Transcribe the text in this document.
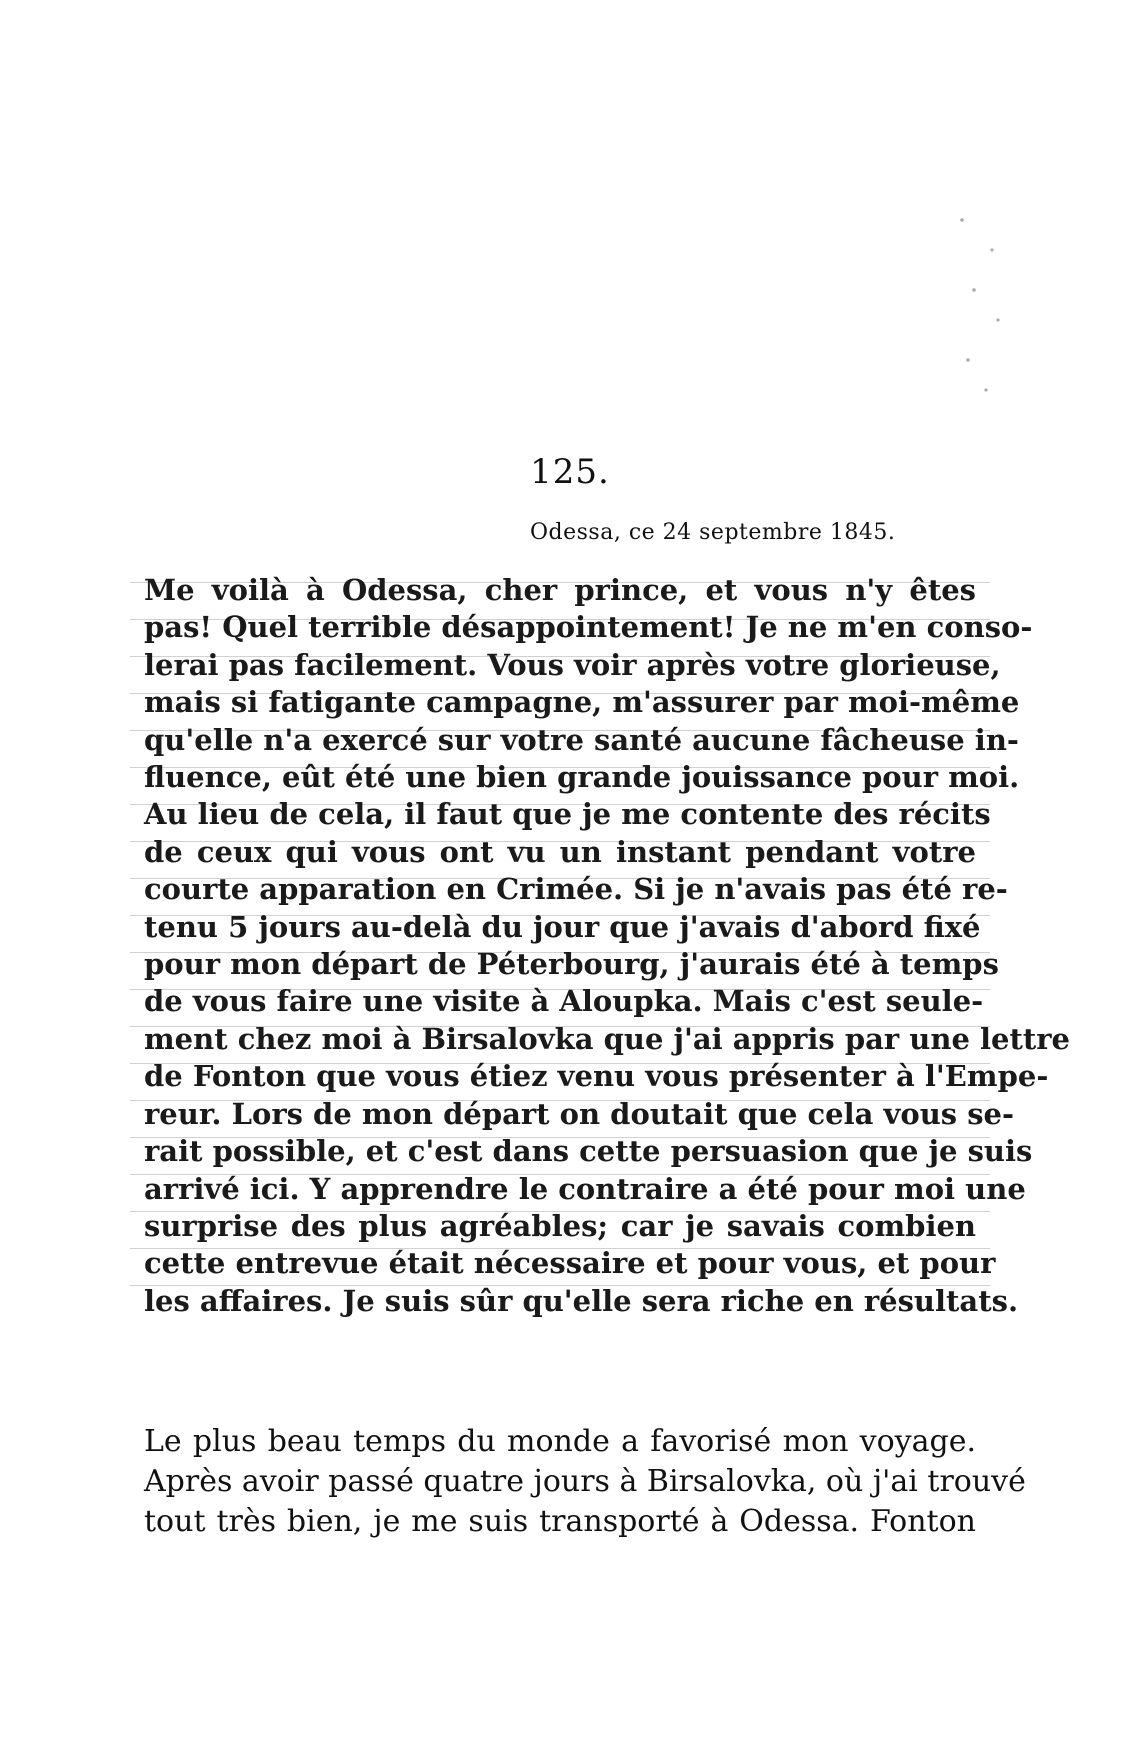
125.
Odessa, ce 24 septembre 1845.

Me voilà à Odessa, cher prince, et vous n'y êtes
pas! Quel terrible désappointement! Je ne m'en conso-
lerai pas facilement. Vous voir après votre glorieuse,
mais si fatigante campagne, m'assurer par moi-même
qu'elle n'a exercé sur votre santé aucune fâcheuse in-
fluence, eût été une bien grande jouissance pour moi.
Au lieu de cela, il faut que je me contente des récits
de ceux qui vous ont vu un instant pendant votre
courte apparation en Crimée. Si je n'avais pas été re-
tenu 5 jours au-delà du jour que j'avais d'abord fixé
pour mon départ de Péterbourg, j'aurais été à temps
de vous faire une visite à Aloupka. Mais c'est seule-
ment chez moi à Birsalovka que j'ai appris par une lettre
de Fonton que vous étiez venu vous présenter à l'Empe-
reur. Lors de mon départ on doutait que cela vous se-
rait possible, et c'est dans cette persuasion que je suis
arrivé ici. Y apprendre le contraire a été pour moi une
surprise des plus agréables; car je savais combien
cette entrevue était nécessaire et pour vous, et pour
les affaires. Je suis sûr qu'elle sera riche en résultats.

Le plus beau temps du monde a favorisé mon voyage.
Après avoir passé quatre jours à Birsalovka, où j'ai trouvé
tout très bien, je me suis transporté à Odessa. Fonton
